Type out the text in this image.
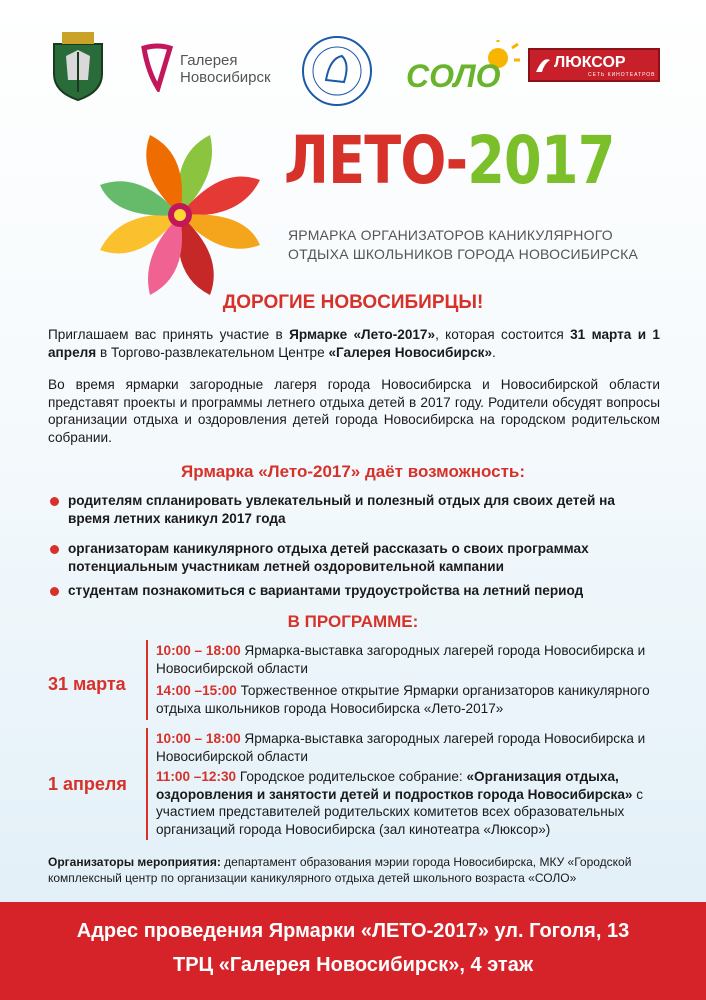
Галерея
Новосибирск	СОЛО	ЛЮКСОР
СЕТЬ КИНОТЕАТРОВ
ЛЕТО-2017
ЯРМАРКА ОРГАНИЗАТОРОВ КАНИКУЛЯРНОГО
ОТДЫХА ШКОЛЬНИКОВ ГОРОДА НОВОСИБИРСКА
ДОРОГИЕ НОВОСИБИРЦЫ!
Приглашаем вас принять участие в Ярмарке «Лето-2017», которая состоится 31 марта и 1 апреля в Торгово-развлекательном Центре «Галерея Новосибирск».
Во время ярмарки загородные лагеря города Новосибирска и Новосибирской области представят проекты и программы летнего отдыха детей в 2017 году. Родители обсудят вопросы организации отдыха и оздоровления детей города Новосибирска на городском родительском собрании.
Ярмарка «Лето-2017» даёт возможность:
родителям спланировать увлекательный и полезный отдых для своих детей на время летних каникул 2017 года
организаторам каникулярного отдыха детей рассказать о своих программах потенциальным участникам летней оздоровительной кампании
студентам познакомиться с вариантами трудоустройства на летний период
В ПРОГРАММЕ:
31 марта
10:00 – 18:00 Ярмарка-выставка загородных лагерей города Новосибирска и Новосибирской области
14:00 –15:00 Торжественное открытие Ярмарки организаторов каникулярного отдыха школьников города Новосибирска «Лето-2017»
1 апреля
10:00 – 18:00 Ярмарка-выставка загородных лагерей города Новосибирска и Новосибирской области
11:00 –12:30 Городское родительское собрание: «Организация отдыха, оздоровления и занятости детей и подростков города Новосибирска» с участием представителей родительских комитетов всех образовательных организаций города Новосибирска (зал кинотеатра «Люксор»)
Организаторы мероприятия: департамент образования мэрии города Новосибирска, МКУ «Городской комплексный центр по организации каникулярного отдыха детей школьного возраста «СОЛО»
Адрес проведения Ярмарки «ЛЕТО-2017» ул. Гоголя, 13
ТРЦ «Галерея Новосибирск», 4 этаж
